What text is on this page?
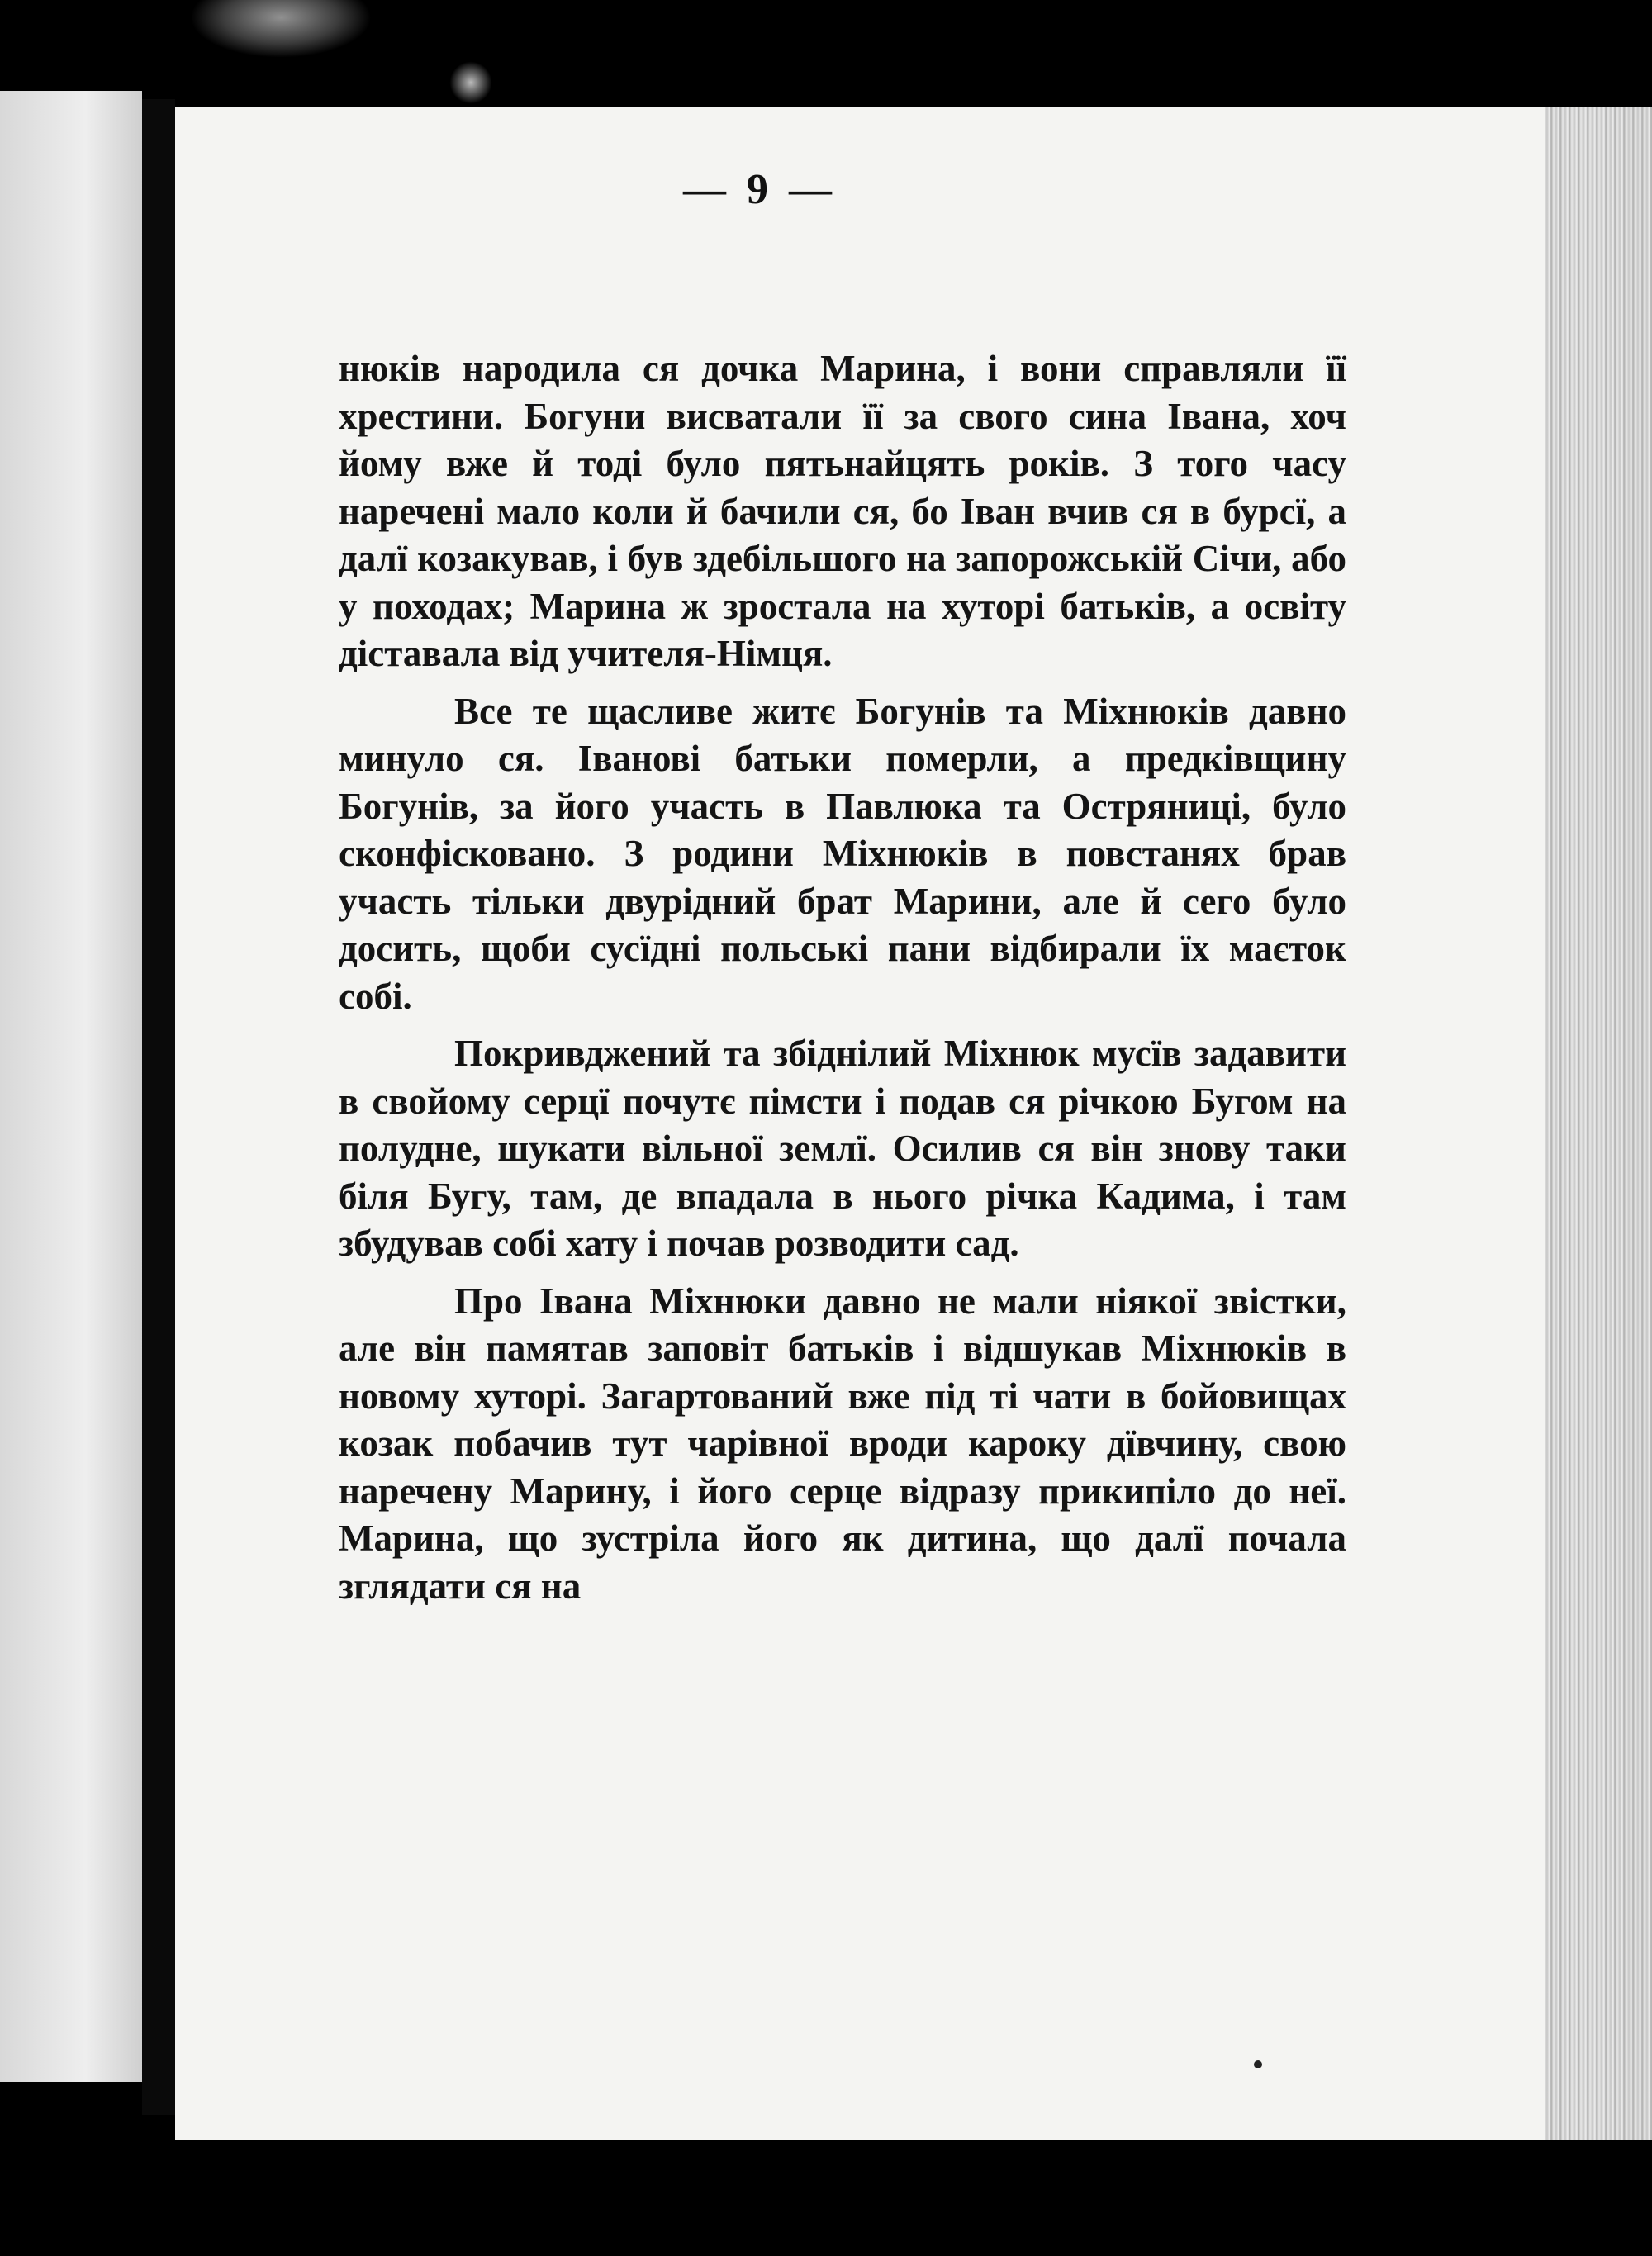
— 9 —

нюків народила ся дочка Марина, і вони справляли її хрестини. Богуни висватали її за свого сина Івана, хоч йому вже й тоді було пятьнайцять років. З того часу наречені мало коли й бачили ся, бо Іван вчив ся в бурсї, а далї козакував, і був здебільшого на запорожській Січи, або у походах; Марина ж зростала на хуторі батьків, а освіту діставала від учителя-Німця.

Все те щасливе житє Богунів та Міхнюків давно минуло ся. Іванові батьки померли, а предківщину Богунів, за його участь в Павлюка та Остряниці, було сконфісковано. З родини Міхнюків в повстанях брав участь тільки двурідний брат Марини, але й сего було досить, щоби сусїдні польські пани відбирали їх маєток собі.

Покривджений та збіднілий Міхнюк мусїв задавити в свойому серцї почутє пімсти і подав ся річкою Бугом на полудне, шукати вільної землї. Осилив ся він знову таки біля Бугу, там, де впадала в нього річка Кадима, і там збудував собі хату і почав розводити сад.

Про Івана Міхнюки давно не мали ніякої звістки, але він памятав заповіт батьків і відшукав Міхнюків в новому хуторі. Загартований вже під ті чати в бойовищах козак побачив тут чарівної вроди кароку дївчину, свою наречену Марину, і його серце відразу прикипіло до неї. Марина, що зустріла його як дитина, що далї почала зглядати ся на
